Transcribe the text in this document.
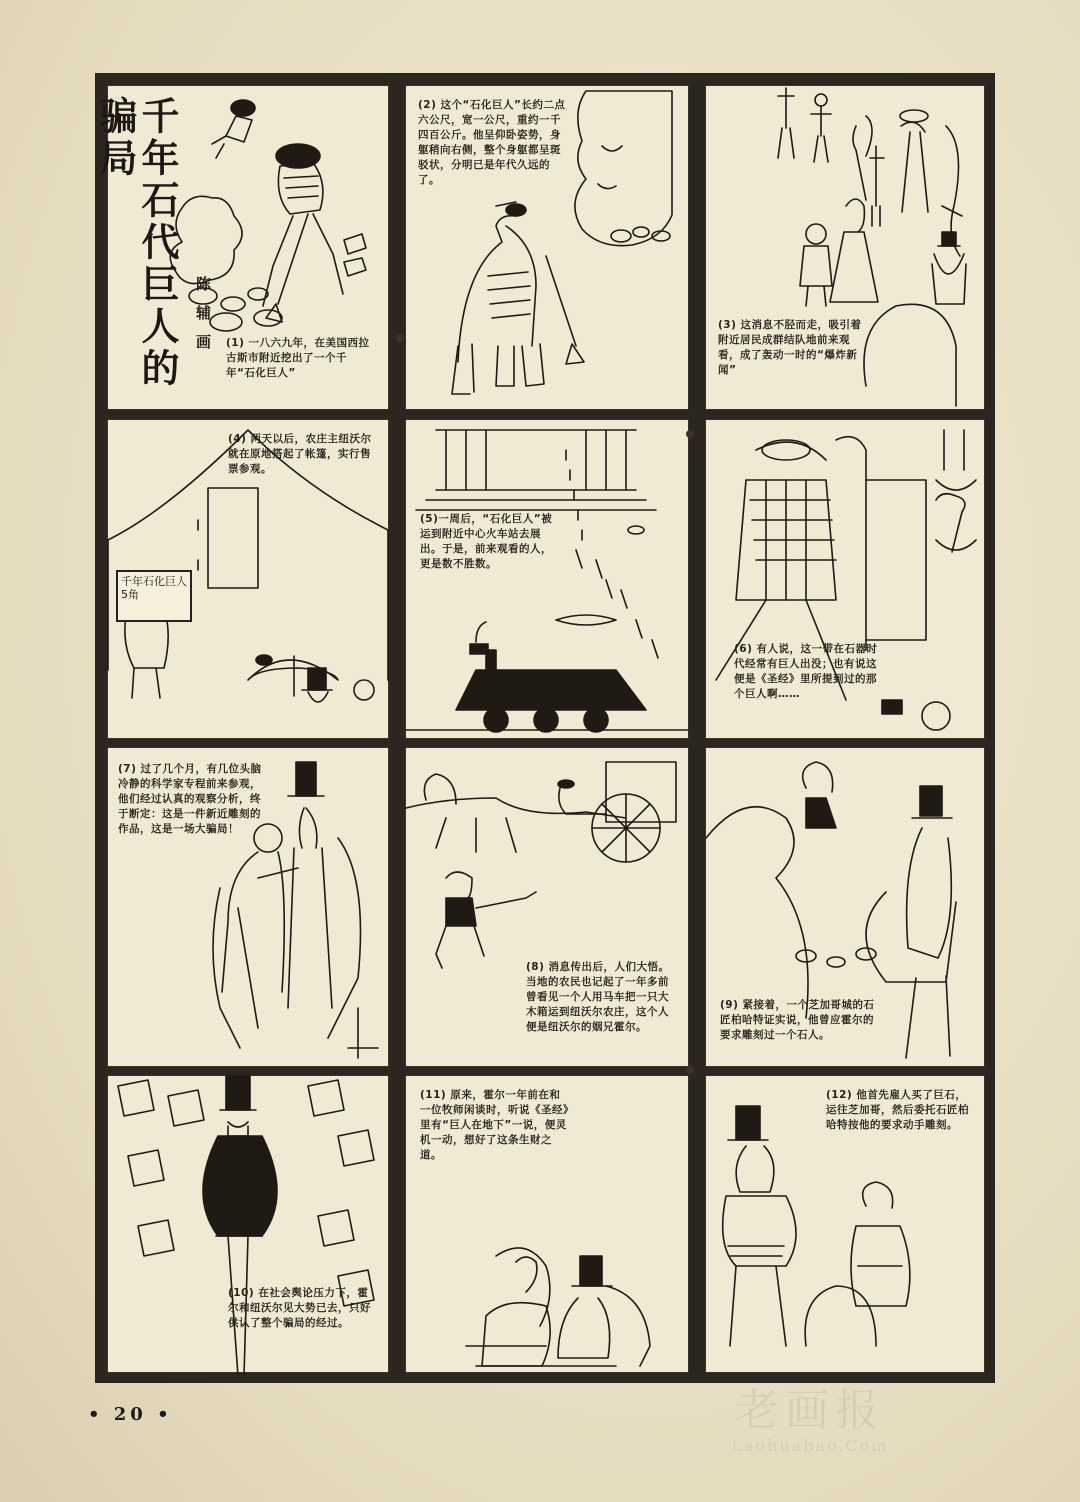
千年石代巨人的骗局
陈辅画	(1) 一八六九年，在美国西拉古斯市附近挖出了一个千年“石化巨人”
(2) 这个“石化巨人”长约二点六公尺，宽一公尺，重约一千四百公斤。他呈仰卧姿势，身躯稍向右侧，整个身躯都呈斑驳状，分明已是年代久远的了。
(3) 这消息不胫而走，吸引着附近居民成群结队地前来观看，成了轰动一时的“爆炸新闻”
(4) 两天以后，农庄主纽沃尔就在原地搭起了帐篷，实行售票参观。
千年石化巨人 5角
(5)一周后，“石化巨人”被运到附近中心火车站去展出。于是，前来观看的人，更是数不胜数。
(6) 有人说，这一带在石器时代经常有巨人出没；也有说这便是《圣经》里所提到过的那个巨人啊……
(7) 过了几个月，有几位头脑冷静的科学家专程前来参观，他们经过认真的观察分析，终于断定：这是一件新近雕刻的作品，这是一场大骗局！
(8) 消息传出后，人们大悟。当地的农民也记起了一年多前曾看见一个人用马车把一只大木箱运到纽沃尔农庄，这个人便是纽沃尔的姻兄霍尔。
(9) 紧接着，一个芝加哥城的石匠柏哈特证实说，他曾应霍尔的要求雕刻过一个石人。
(10) 在社会舆论压力下，霍尔和纽沃尔见大势已去，只好供认了整个骗局的经过。
(11) 原来，霍尔一年前在和一位牧师闲谈时，听说《圣经》里有“巨人在地下”一说，便灵机一动，想好了这条生财之道。
(12) 他首先雇人买了巨石，运往芝加哥，然后委托石匠柏哈特按他的要求动手雕刻。
• 20 •	老画报
Laohuabao.Com
